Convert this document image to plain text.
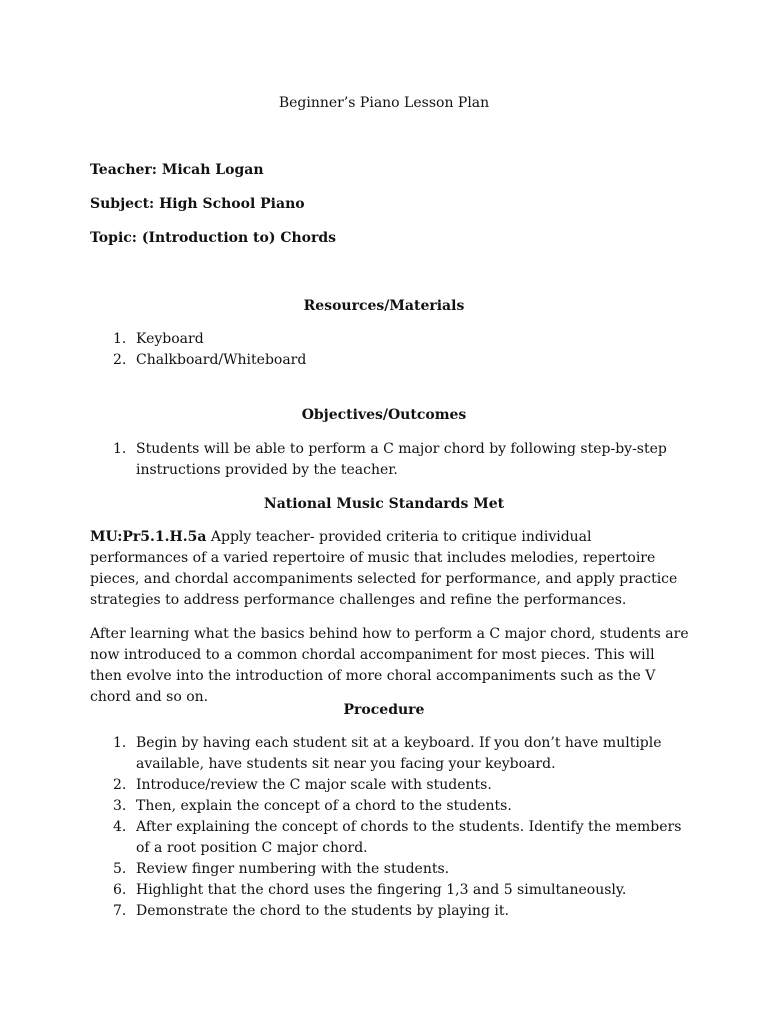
Beginner’s Piano Lesson Plan
Teacher: Micah Logan
Subject: High School Piano
Topic: (Introduction to) Chords
Resources/Materials
1. Keyboard
2. Chalkboard/Whiteboard
Objectives/Outcomes
1. Students will be able to perform a C major chord by following step-by-step instructions provided by the teacher.
National Music Standards Met

MU:Pr5.1.H.5a Apply teacher- provided criteria to critique individual performances of a varied repertoire of music that includes melodies, repertoire pieces, and chordal accompaniments selected for performance, and apply practice strategies to address performance challenges and refine the performances.

After learning what the basics behind how to perform a C major chord, students are now introduced to a common chordal accompaniment for most pieces. This will then evolve into the introduction of more choral accompaniments such as the V chord and so on.

Procedure
1. Begin by having each student sit at a keyboard. If you don’t have multiple available, have students sit near you facing your keyboard.
2. Introduce/review the C major scale with students.
3. Then, explain the concept of a chord to the students.
4. After explaining the concept of chords to the students. Identify the members of a root position C major chord.
5. Review finger numbering with the students.
6. Highlight that the chord uses the fingering 1,3 and 5 simultaneously.
7. Demonstrate the chord to the students by playing it.
